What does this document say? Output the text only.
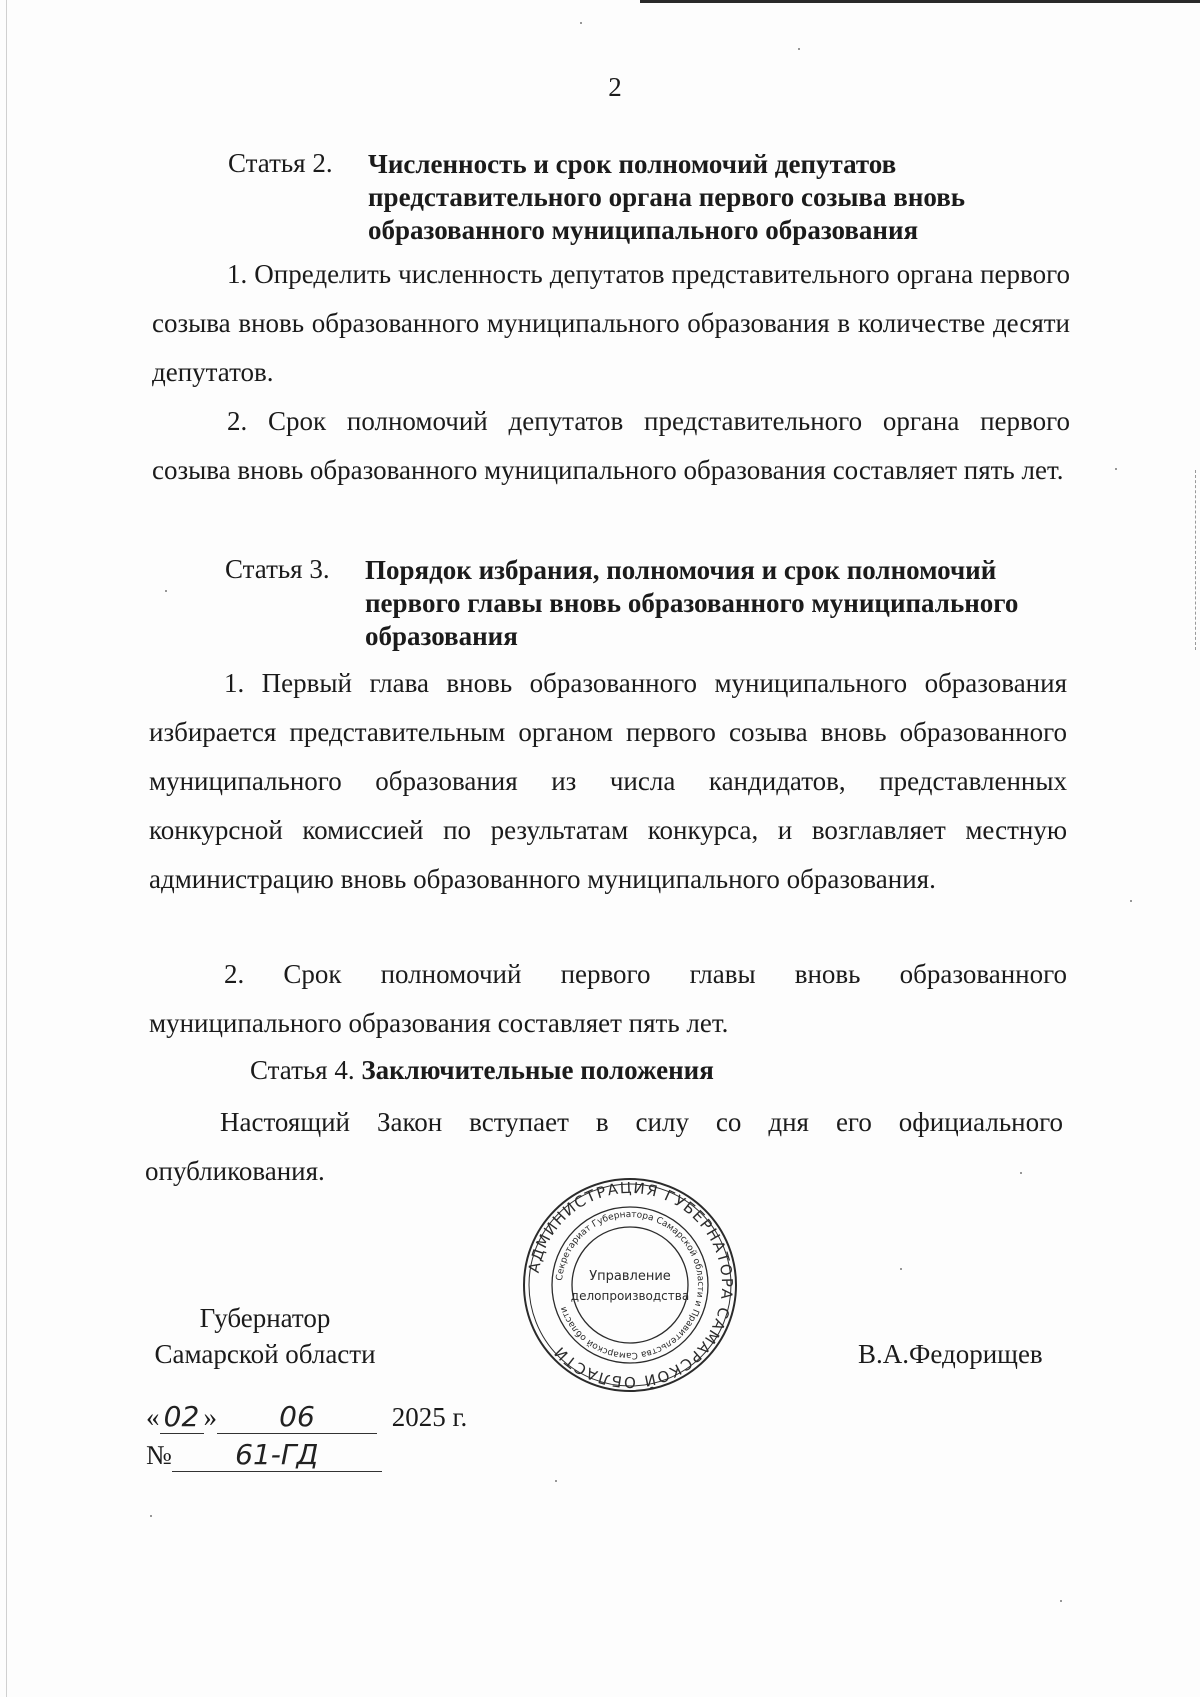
2
Статья 2.	Численность и срок полномочий депутатов представительного органа первого созыва вновь образованного муниципального образования
1. Определить численность депутатов представительного органа первого созыва вновь образованного муниципального образования в количестве десяти депутатов.
2. Срок полномочий депутатов представительного органа первого созыва вновь образованного муниципального образования составляет пять лет.
Статья 3.	Порядок избрания, полномочия и срок полномочий первого главы вновь образованного муниципального образования
1. Первый глава вновь образованного муниципального образования избирается представительным органом первого созыва вновь образованного муниципального образования из числа кандидатов, представленных конкурсной комиссией по результатам конкурса, и возглавляет местную администрацию вновь образованного муниципального образования.
2. Срок полномочий первого главы вновь образованного муниципального образования составляет пять лет.
Статья 4. Заключительные положения
Настоящий Закон вступает в силу со дня его официального опубликования.
АДМИНИСТРАЦИЯ ГУБЕРНАТОРА САМАРСКОЙ ОБЛАСТИ
Секретариат Губернатора Самарской области и Правительства Самарской области
Управление
делопроизводства
Губернатор
Самарской области	В.А.Федорищев
« 02 » 06	2025 г.
№ 61-ГД
